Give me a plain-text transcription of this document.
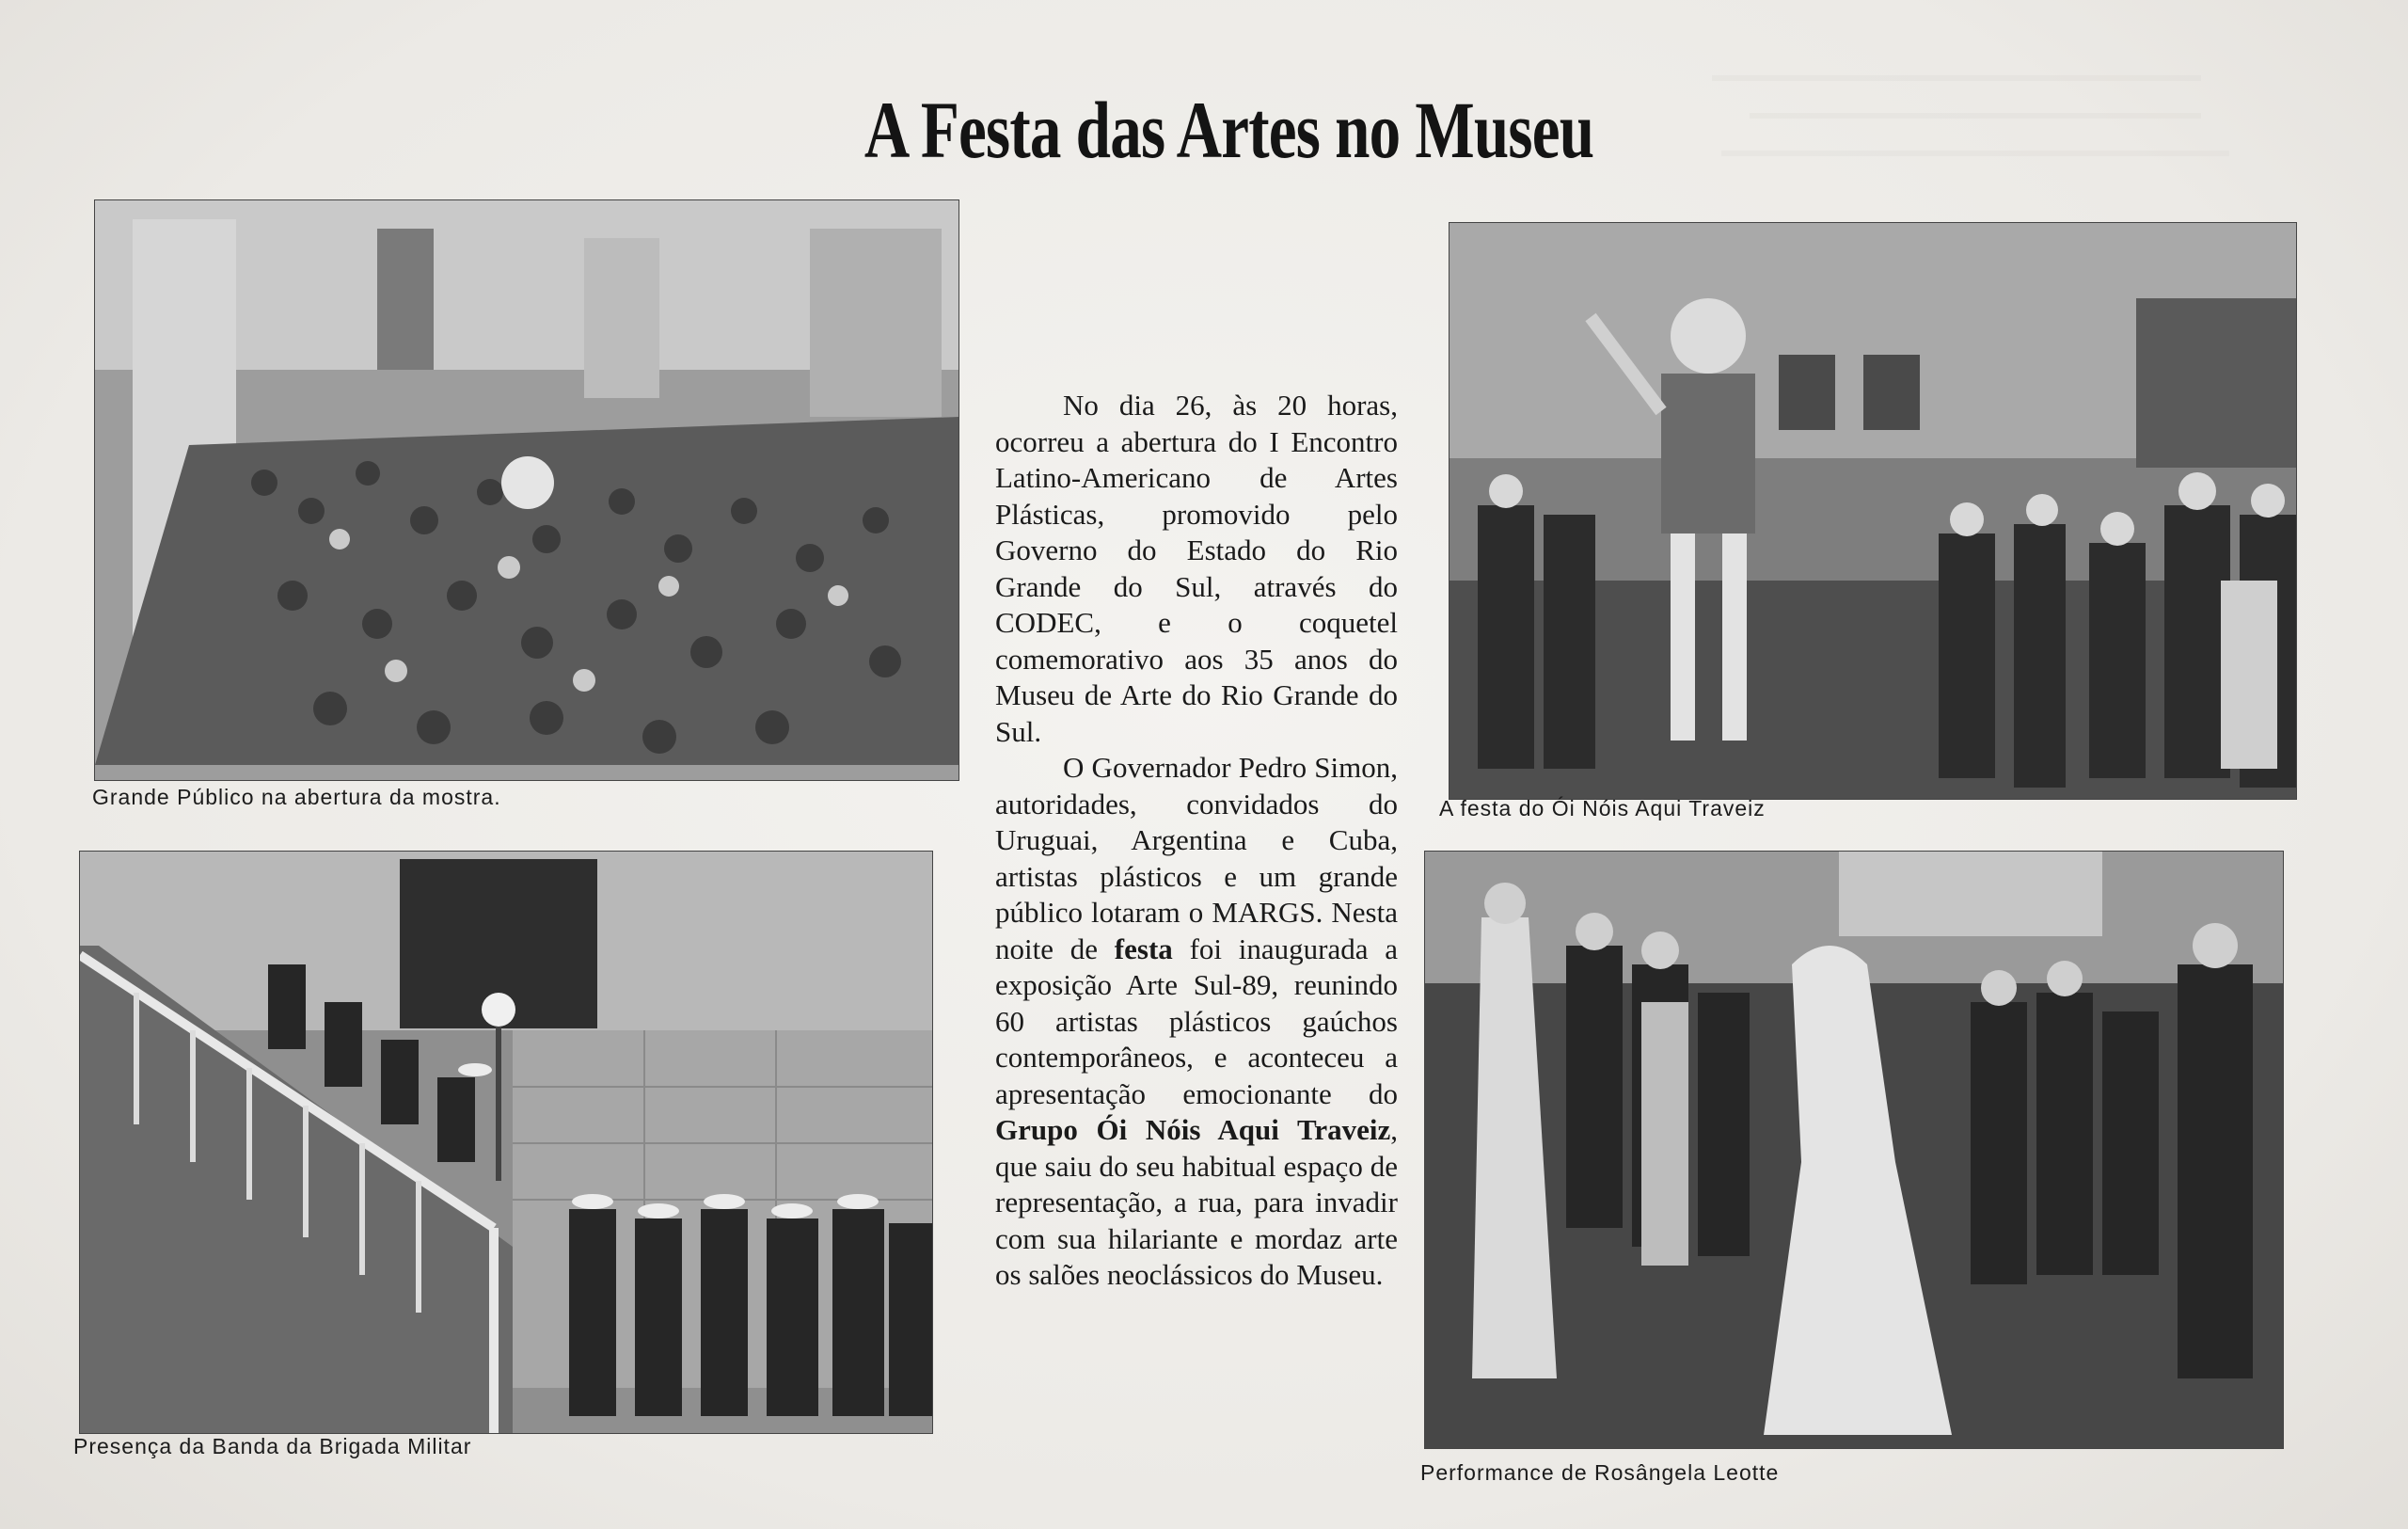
A Festa das Artes no Museu
Grande Público na abertura da mostra.
Presença da Banda da Brigada Militar
A festa do Ói Nóis Aqui Traveiz
Performance de Rosângela Leotte

No dia 26, às 20 horas, ocorreu a abertura do I Encontro Latino-Americano de Artes Plásticas, promovido pelo Governo do Estado do Rio Grande do Sul, através do CODEC, e o coquetel comemorativo aos 35 anos do Museu de Arte do Rio Grande do Sul.

O Governador Pedro Simon, autoridades, convidados do Uruguai, Argentina e Cuba, artistas plásticos e um grande público lotaram o MARGS. Nesta noite de festa foi inaugurada a exposição Arte Sul-89, reunindo 60 artistas plásticos gaúchos contemporâneos, e aconteceu a apresentação emocionante do Grupo Ói Nóis Aqui Traveiz, que saiu do seu habitual espaço de representação, a rua, para invadir com sua hilariante e mordaz arte os salões neoclássicos do Museu.
